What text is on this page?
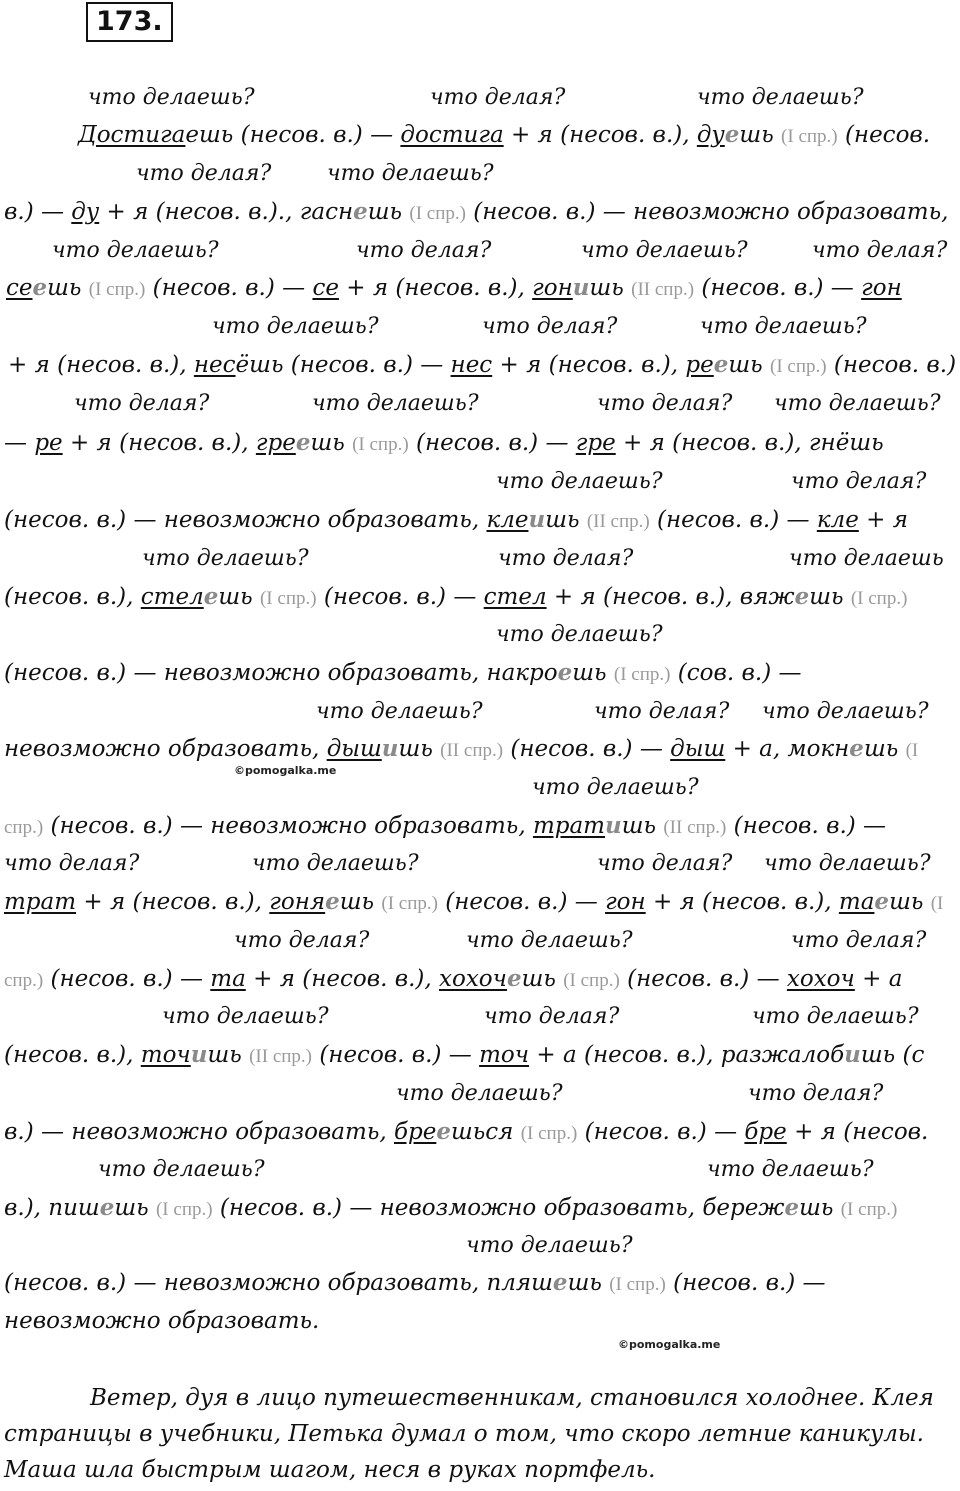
173.
что делаешь?	что делая?	что делаешь?
Достигаешь (несов. в.) — достига + я (несов. в.), дуешь (I спр.) (несов.
что делая?	что делаешь?
в.) — ду + я (несов. в.)., гаснешь (I спр.) (несов. в.) — невозможно образовать,
что делаешь?	что делая?	что делаешь?	что делая?
сеешь (I спр.) (несов. в.) — се + я (несов. в.), гонишь (II спр.) (несов. в.) — гон
что делаешь?	что делая?	что делаешь?
+ я (несов. в.), несёшь (несов. в.) — нес + я (несов. в.), реешь (I спр.) (несов. в.)
что делая?	что делаешь?	что делая? что делаешь?
— ре + я (несов. в.), греешь (I спр.) (несов. в.) — гре + я (несов. в.), гнёшь
что делаешь?	что делая?
(несов. в.) — невозможно образовать, клеишь (II спр.) (несов. в.) — кле + я
что делаешь?	что делая?	что делаешь
(несов. в.), стелешь (I спр.) (несов. в.) — стел + я (несов. в.), вяжешь (I спр.)
что делаешь?
(несов. в.) — невозможно образовать, накроешь (I спр.) (сов. в.) —
что делаешь?	что делая? что делаешь?
невозможно образовать, дышишь (II спр.) (несов. в.) — дыш + а, мокнешь (I
©pomogalka.me
что делаешь?
спр.) (несов. в.) — невозможно образовать, тратишь (II спр.) (несов. в.) —
что делая?	что делаешь?	что делая? что делаешь?
трат + я (несов. в.), гоняешь (I спр.) (несов. в.) — гон + я (несов. в.), таешь (I
что делая?	что делаешь?	что делая?
спр.) (несов. в.) — та + я (несов. в.), хохочешь (I спр.) (несов. в.) — хохоч + а
что делаешь?	что делая?	что делаешь?
(несов. в.), точишь (II спр.) (несов. в.) — точ + а (несов. в.), разжалобишь (с
что делаешь?	что делая?
в.) — невозможно образовать, бреешься (I спр.) (несов. в.) — бре + я (несов.
что делаешь?	что делаешь?
в.), пишешь (I спр.) (несов. в.) — невозможно образовать, бережешь (I спр.)
что делаешь?
(несов. в.) — невозможно образовать, пляшешь (I спр.) (несов. в.) —
невозможно образовать.
©pomogalka.me
Ветер, дуя в лицо путешественникам, становился холоднее. Клея страницы в учебники, Петька думал о том, что скоро летние каникулы. Маша шла быстрым шагом, неся в руках портфель.
